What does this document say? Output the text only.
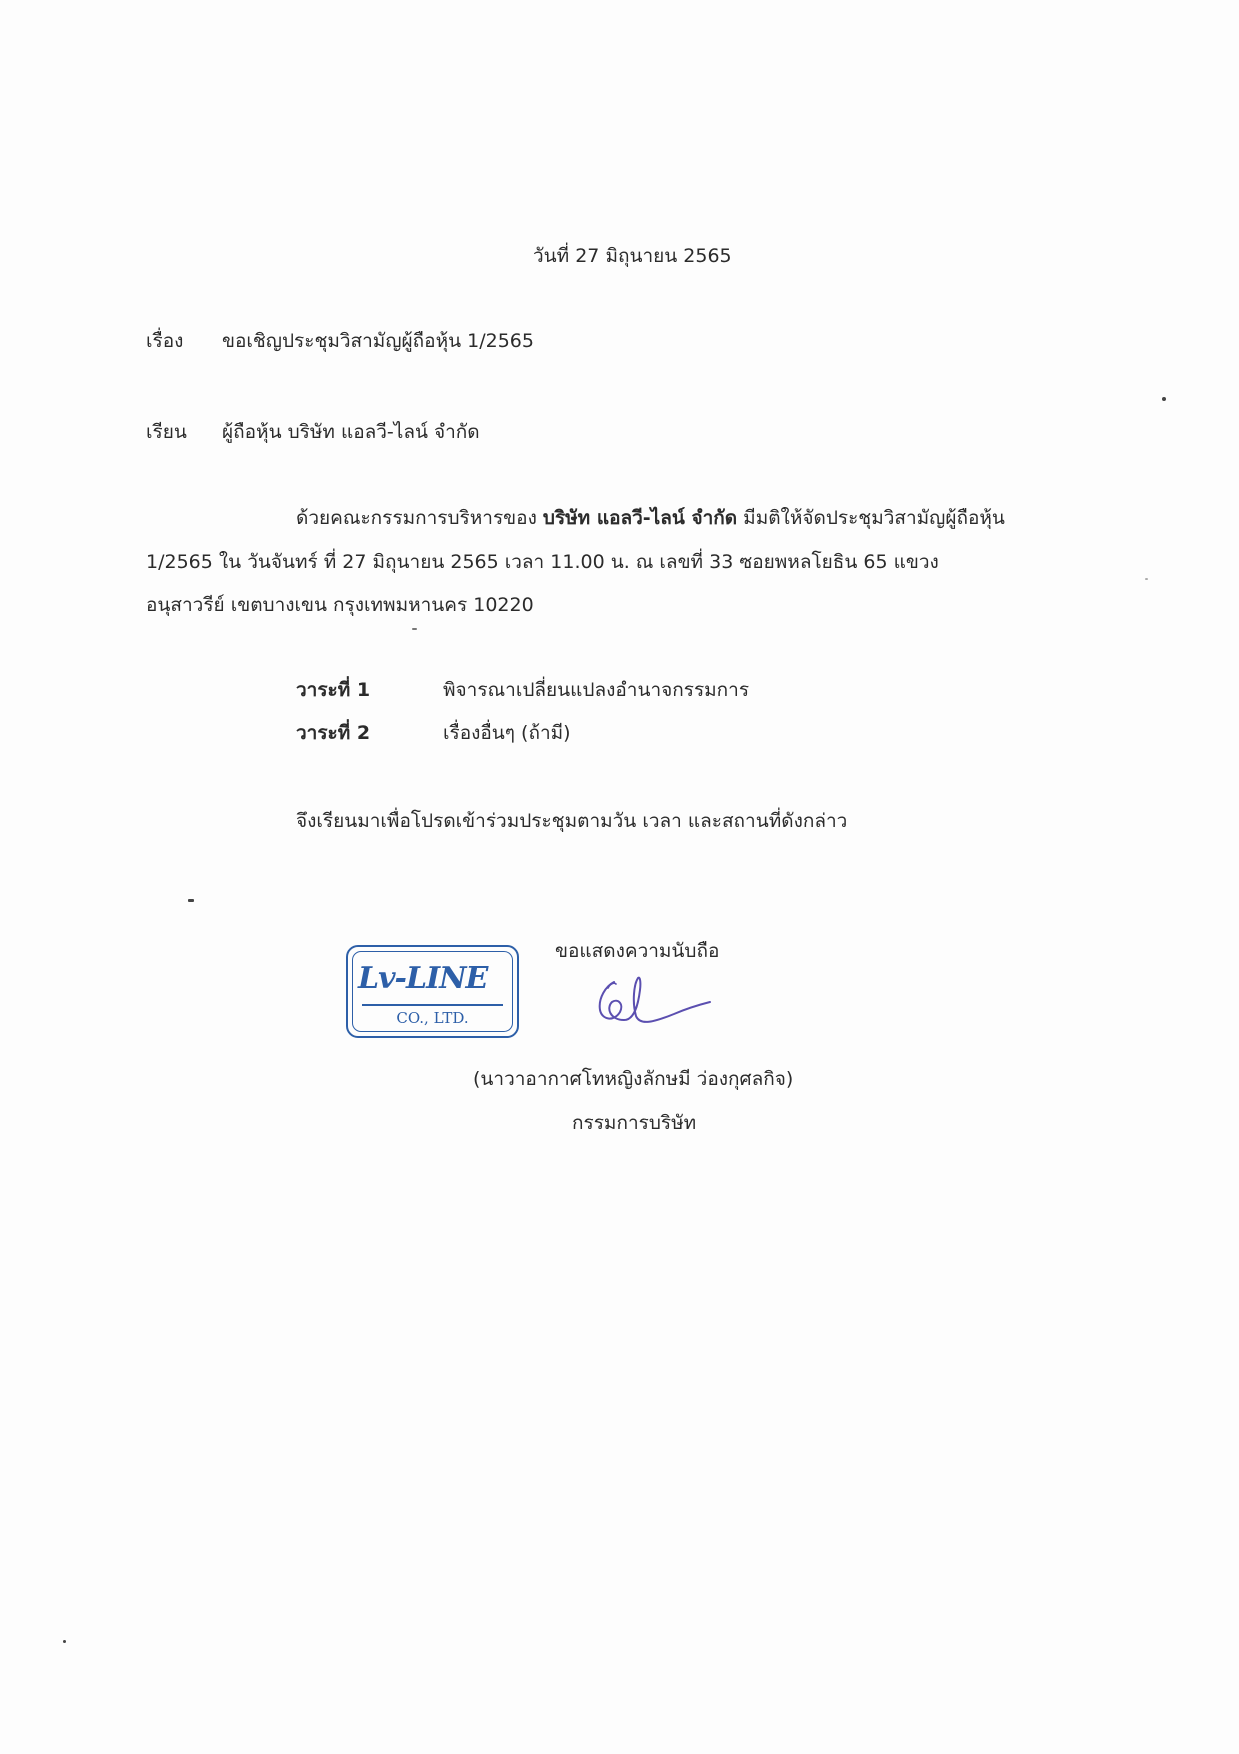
วันที่ 27 มิถุนายน 2565
เรื่อง ขอเชิญประชุมวิสามัญผู้ถือหุ้น 1/2565
เรียน ผู้ถือหุ้น บริษัท แอลวี-ไลน์ จำกัด
ด้วยคณะกรรมการบริหารของ บริษัท แอลวี-ไลน์ จำกัด มีมติให้จัดประชุมวิสามัญผู้ถือหุ้น
1/2565 ใน วันจันทร์ ที่ 27 มิถุนายน 2565 เวลา 11.00 น. ณ เลขที่ 33 ซอยพหลโยธิน 65 แขวง
อนุสาวรีย์ เขตบางเขน กรุงเทพมหานคร 10220
วาระที่ 1	พิจารณาเปลี่ยนแปลงอำนาจกรรมการ
วาระที่ 2	เรื่องอื่นๆ (ถ้ามี)
จึงเรียนมาเพื่อโปรดเข้าร่วมประชุมตามวัน เวลา และสถานที่ดังกล่าว
ขอแสดงความนับถือ
Lv-LINE
CO., LTD.
(นาวาอากาศโทหญิงลักษมี ว่องกุศลกิจ)
กรรมการบริษัท
